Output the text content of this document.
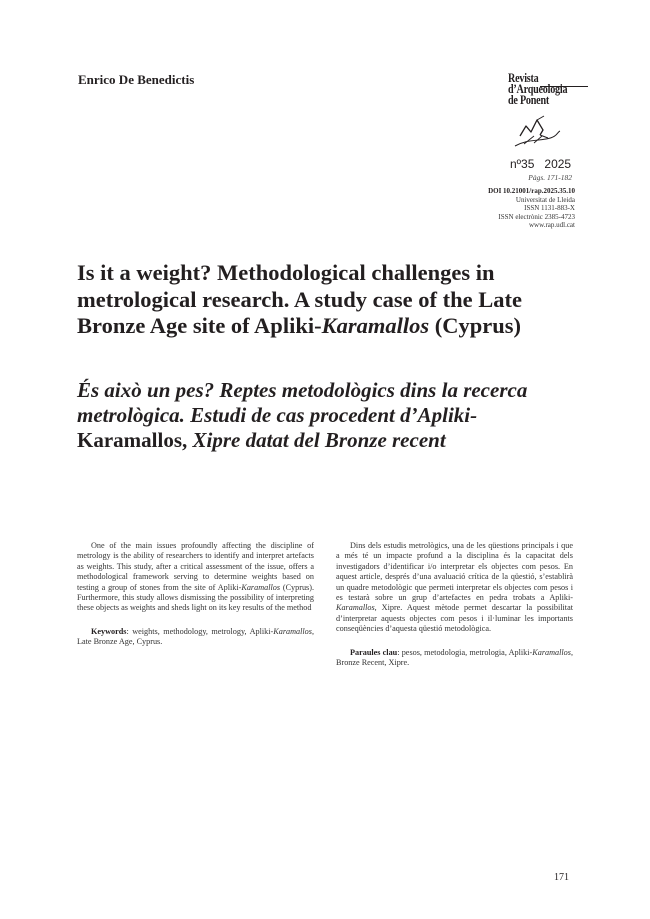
Enrico De Benedictis	Revista
d’Arqueologia
de Ponent
nº35 2025
Pàgs. 171-182
DOI 10.21001/rap.2025.35.10
Universitat de Lleida
ISSN 1131-883-X
ISSN electrònic 2385-4723
www.rap.udl.cat
Is it a weight? Methodological challenges in metrological research. A study case of the Late Bronze Age site of Apliki-Karamallos (Cyprus)
És això un pes? Reptes metodològics dins la recerca metrològica. Estudi de cas procedent d’Apliki-Karamallos, Xipre datat del Bronze recent

One of the main issues profoundly affecting the discipline of metrology is the ability of researchers to identify and interpret artefacts as weights. This study, after a critical assessment of the issue, offers a methodological framework serving to determine weights based on testing a group of stones from the site of Apliki-Karamallos (Cyprus). Furthermore, this study allows dismissing the possibility of interpreting these objects as weights and sheds light on its key results of the method

Keywords: weights, methodology, metrology, Apliki-Karamallos, Late Bronze Age, Cyprus.

Dins dels estudis metrològics, una de les qüestions principals i que a més té un impacte profund a la disciplina és la capacitat dels investigadors d’identificar i/o interpretar els objectes com pesos. En aquest article, després d’una avaluació crítica de la qüestió, s’establirà un quadre metodològic que permeti interpretar els objectes com pesos i es testarà sobre un grup d’artefactes en pedra trobats a Apliki-Karamallos, Xipre. Aquest mètode permet descartar la possibilitat d’interpretar aquests objectes com pesos i il·luminar les importants conseqüències d’aquesta qüestió metodològica.

Paraules clau: pesos, metodologia, metrologia, Apliki-Karamallos, Bronze Recent, Xipre.

171
